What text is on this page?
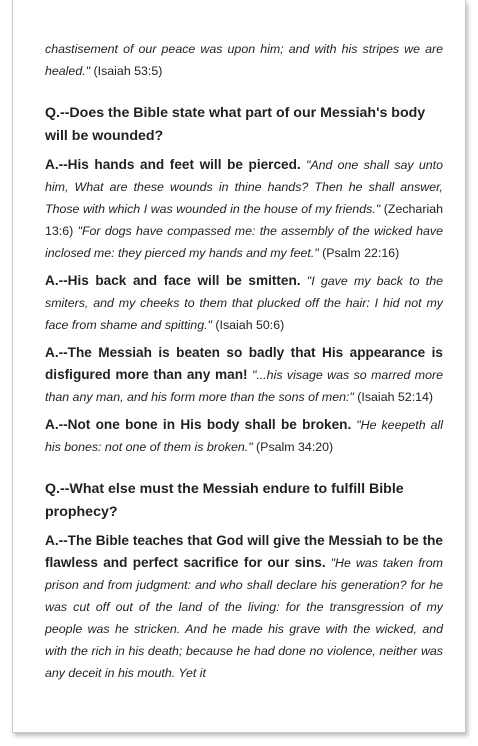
chastisement of our peace was upon him; and with his stripes we are healed." (Isaiah 53:5)

Q.--Does the Bible state what part of our Messiah's body will be wounded?

A.--His hands and feet will be pierced. "And one shall say unto him, What are these wounds in thine hands? Then he shall answer, Those with which I was wounded in the house of my friends." (Zechariah 13:6) "For dogs have compassed me: the assembly of the wicked have inclosed me: they pierced my hands and my feet." (Psalm 22:16)

A.--His back and face will be smitten. "I gave my back to the smiters, and my cheeks to them that plucked off the hair: I hid not my face from shame and spitting." (Isaiah 50:6)

A.--The Messiah is beaten so badly that His appearance is disfigured more than any man! "...his visage was so marred more than any man, and his form more than the sons of men:" (Isaiah 52:14)

A.--Not one bone in His body shall be broken. "He keepeth all his bones: not one of them is broken." (Psalm 34:20)

Q.--What else must the Messiah endure to fulfill Bible prophecy?

A.--The Bible teaches that God will give the Messiah to be the flawless and perfect sacrifice for our sins. "He was taken from prison and from judgment: and who shall declare his generation? for he was cut off out of the land of the living: for the transgression of my people was he stricken. And he made his grave with the wicked, and with the rich in his death; because he had done no violence, neither was any deceit in his mouth. Yet it
